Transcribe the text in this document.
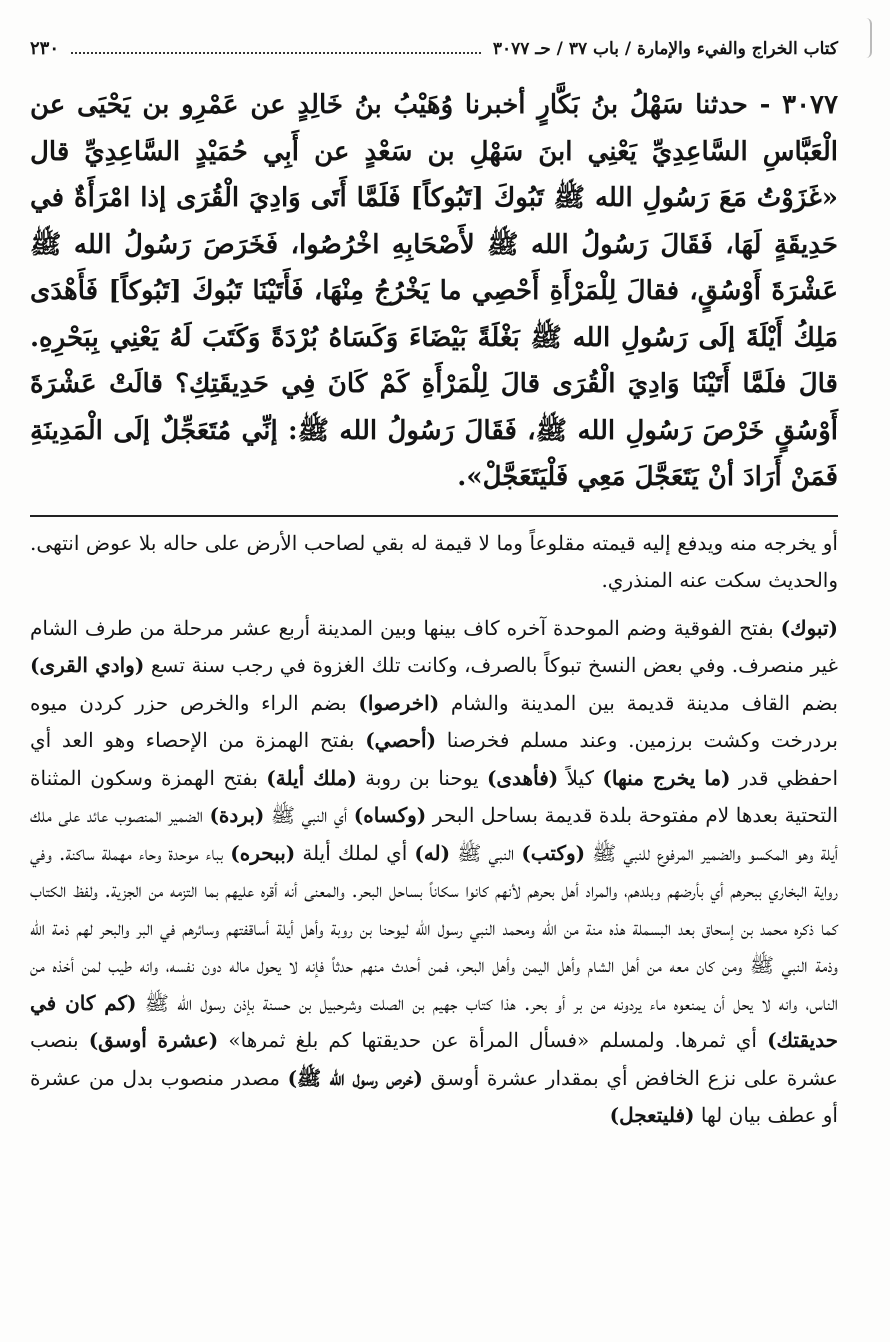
كتاب الخراج والفيء والإمارة / باب ٣٧ / حـ ٣٠٧٧
٢٣٠
٣٠٧٧ - حدثنا سَهْلُ بنُ بَكَّارٍ أخبرنا وُهَيْبُ بنُ خَالِدٍ عن عَمْرِو بن يَحْيَى عن الْعَبَّاسِ السَّاعِدِيِّ يَعْنِي ابنَ سَهْلِ بن سَعْدٍ عن أَبِي حُمَيْدٍ السَّاعِدِيِّ قال «غَزَوْتُ مَعَ رَسُولِ الله ﷺ تَبُوكَ [تَبُوكاً] فَلَمَّا أَتَى وَادِيَ الْقُرَى إذا امْرَأَةٌ في حَدِيقَةٍ لَهَا، فَقَالَ رَسُولُ الله ﷺ لأَصْحَابِهِ اخْرُصُوا، فَخَرَصَ رَسُولُ الله ﷺ عَشْرَةَ أَوْسُقٍ، فقالَ لِلْمَرْأَةِ أَحْصِي ما يَخْرُجُ مِنْهَا، فَأَتَيْنَا تَبُوكَ [تَبُوكاً] فَأَهْدَى مَلِكُ أَيْلَةَ إلَى رَسُولِ الله ﷺ بَغْلَةً بَيْضَاءَ وَكَسَاهُ بُرْدَةً وَكَتَبَ لَهُ يَعْنِي بِبَحْرِهِ. قالَ فلَمَّا أَتَيْنَا وَادِيَ الْقُرَى قالَ لِلْمَرْأَةِ كَمْ كَانَ فِي حَدِيقَتِكِ؟ قالَتْ عَشْرَةَ أَوْسُقٍ خَرْصَ رَسُولِ الله ﷺ، فَقَالَ رَسُولُ الله ﷺ: إنِّي مُتَعَجِّلٌ إلَى الْمَدِينَةِ فَمَنْ أَرَادَ أنْ يَتَعَجَّلَ مَعِي فَلْيَتَعَجَّلْ».

أو يخرجه منه ويدفع إليه قيمته مقلوعاً وما لا قيمة له بقي لصاحب الأرض على حاله بلا عوض انتهى. والحديث سكت عنه المنذري.

(تبوك) بفتح الفوقية وضم الموحدة آخره كاف بينها وبين المدينة أربع عشر مرحلة من طرف الشام غير منصرف. وفي بعض النسخ تبوكاً بالصرف، وكانت تلك الغزوة في رجب سنة تسع (وادي القرى) بضم القاف مدينة قديمة بين المدينة والشام (اخرصوا) بضم الراء والخرص حزر كردن ميوه بردرخت وكشت برزمين. وعند مسلم فخرصنا (أحصي) بفتح الهمزة من الإحصاء وهو العد أي احفظي قدر (ما يخرج منها) كيلاً (فأهدى) يوحنا بن روبة (ملك أيلة) بفتح الهمزة وسكون المثناة التحتية بعدها لام مفتوحة بلدة قديمة بساحل البحر (وكساه) أي النبي ﷺ (بردة) الضمير المنصوب عائد على ملك أيلة وهو المكسو والضمير المرفوع للنبي ﷺ (وكتب) النبي ﷺ (له) أي لملك أيلة (ببحره) بباء موحدة وحاء مهملة ساكنة. وفي رواية البخاري ببحرهم أي بأرضهم وبلدهم، والمراد أهل بحرهم لأنهم كانوا سكاناً بساحل البحر. والمعنى أنه أقره عليهم بما التزمه من الجزية. ولفظ الكتاب كما ذكره محمد بن إسحاق بعد البسملة هذه منة من الله ومحمد النبي رسول الله ليوحنا بن روبة وأهل أيلة أساقفتهم وسائرهم في البر والبحر لهم ذمة الله وذمة النبي ﷺ ومن كان معه من أهل الشام وأهل اليمن وأهل البحر، فمن أحدث منهم حدثاً فإنه لا يحول ماله دون نفسه، وانه طيب لمن أخذه من الناس، وانه لا يحل أن يمنعوه ماء يردونه من بر أو بحر. هذا كتاب جهيم بن الصلت وشرحبيل بن حسنة بإذن رسول الله ﷺ (كم كان في حديقتك) أي ثمرها. ولمسلم «فسأل المرأة عن حديقتها كم بلغ ثمرها» (عشرة أوسق) بنصب عشرة على نزع الخافض أي بمقدار عشرة أوسق (خرص رسول الله ﷺ) مصدر منصوب بدل من عشرة أو عطف بيان لها (فليتعجل)
